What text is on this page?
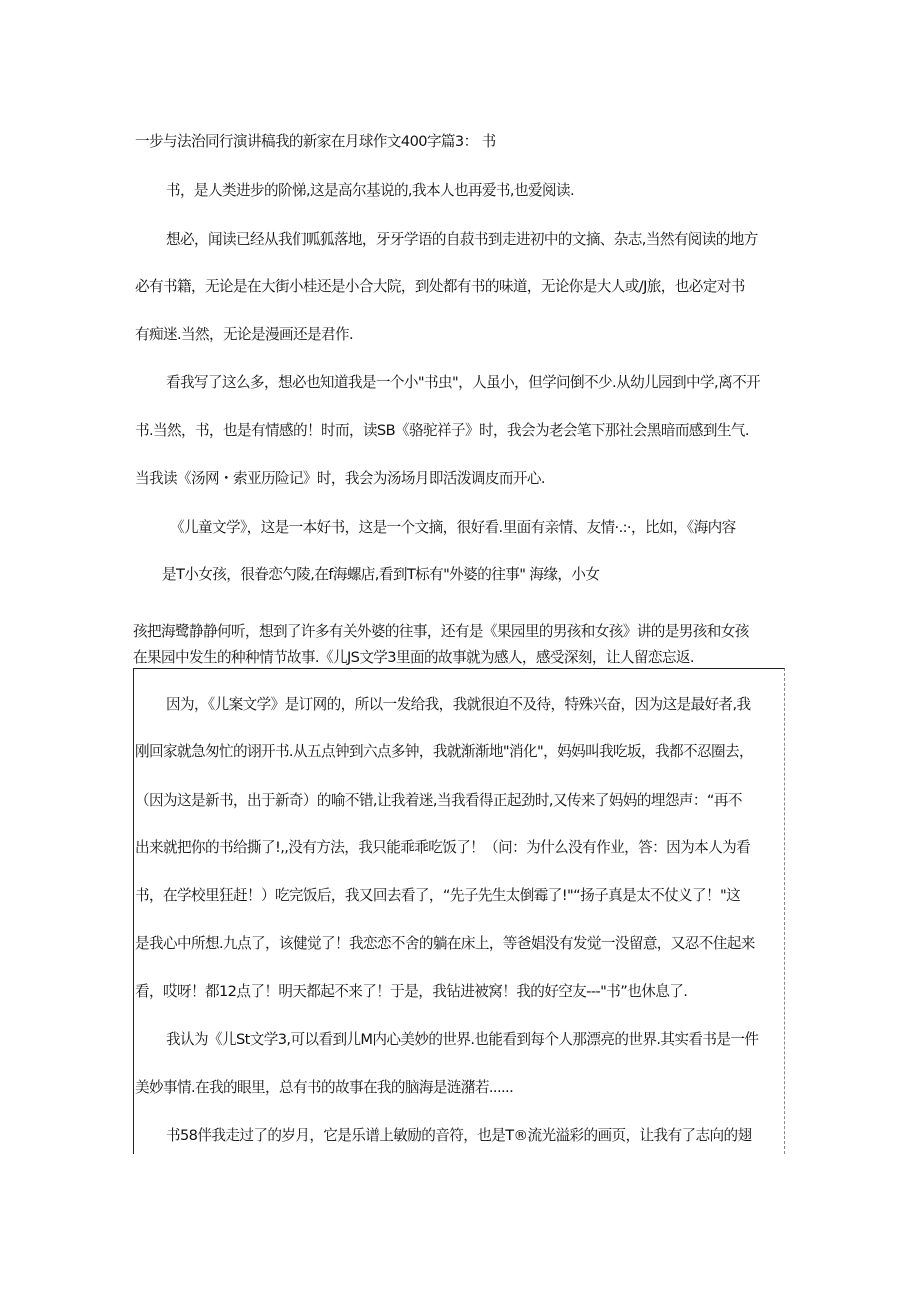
一步与法治同行演讲稿我的新家在月球作文400字篇3： 书
书，是人类进步的阶悌,这是高尔基说的,我本人也再爱书,也爱阅读.
想必，闻读已经从我们呱狐落地，牙牙学语的自菽书到走进初中的文摘、杂志,当然有阅读的地方
必有书籍，无论是在大街小桂还是小合大院，到处都有书的味道，无论你是大人或/J旅，也必定对书
有痴迷.当然，无论是漫画还是君作.
看我写了这么多，想必也知道我是一个小"书虫"，人虽小，但学问倒不少.从幼儿园到中学,离不开
书.当然，书，也是有情感的！时而，读SB《骆驼祥子》时，我会为老会笔下那社会黑暗而感到生气.
当我读《汤网・索亚历险记》时，我会为汤场月即活泼调皮而开心.
《儿童文学》，这是一本好书，这是一个文摘，很好看.里面有亲情、友情·.:·，比如，《海内容
是T小女孩，很眷恋勺陵,在f海螺店,看到T标有"外婆的往事" 海缘，小女
孩把海鹭静静何听，想到了许多有关外婆的往事，还有是《果园里的男孩和女孩》讲的是男孩和女孩
在果园中发生的种种情节故事.《儿JS文学3里面的故事就为感人，感受深刻，让人留恋忘返.
因为，《儿案文学》是订网的，所以一发给我，我就很迫不及待，特殊兴奋，因为这是最好者,我
刚回家就急匆忙的诩开书.从五点钟到六点多钟，我就渐渐地"消化"，妈妈叫我吃坂，我都不忍圈去，
（因为这是新书，出于新奇）的喻不错,让我着迷,当我看得正起劲时,又传来了妈妈的埋怨声：“再不
出来就把你的书给撕了!,,没有方法，我只能乖乖吃饭了！（问：为什么没有作业，答：因为本人为看
书，在学校里狂赶！）吃完饭后，我又回去看了，“先子先生太倒霉了!"“扬子真是太不仗义了！"这
是我心中所想.九点了，该健觉了！我恋恋不舍的躺在床上，等爸娼没有发觉一没留意，又忍不住起来
看，哎呀！都12点了！明天都起不来了！于是，我钻进被窝！我的好空友---"书”也休息了.
我认为《儿St文学3,可以看到儿M内心美妙的世界.也能看到每个人那漂亮的世界.其实看书是一件
美妙事情.在我的眼里，总有书的故事在我的脑海是涟潴若......
书58伴我走过了的岁月，它是乐谱上敏励的音符，也是T®流光溢彩的画页，让我有了志向的翅
